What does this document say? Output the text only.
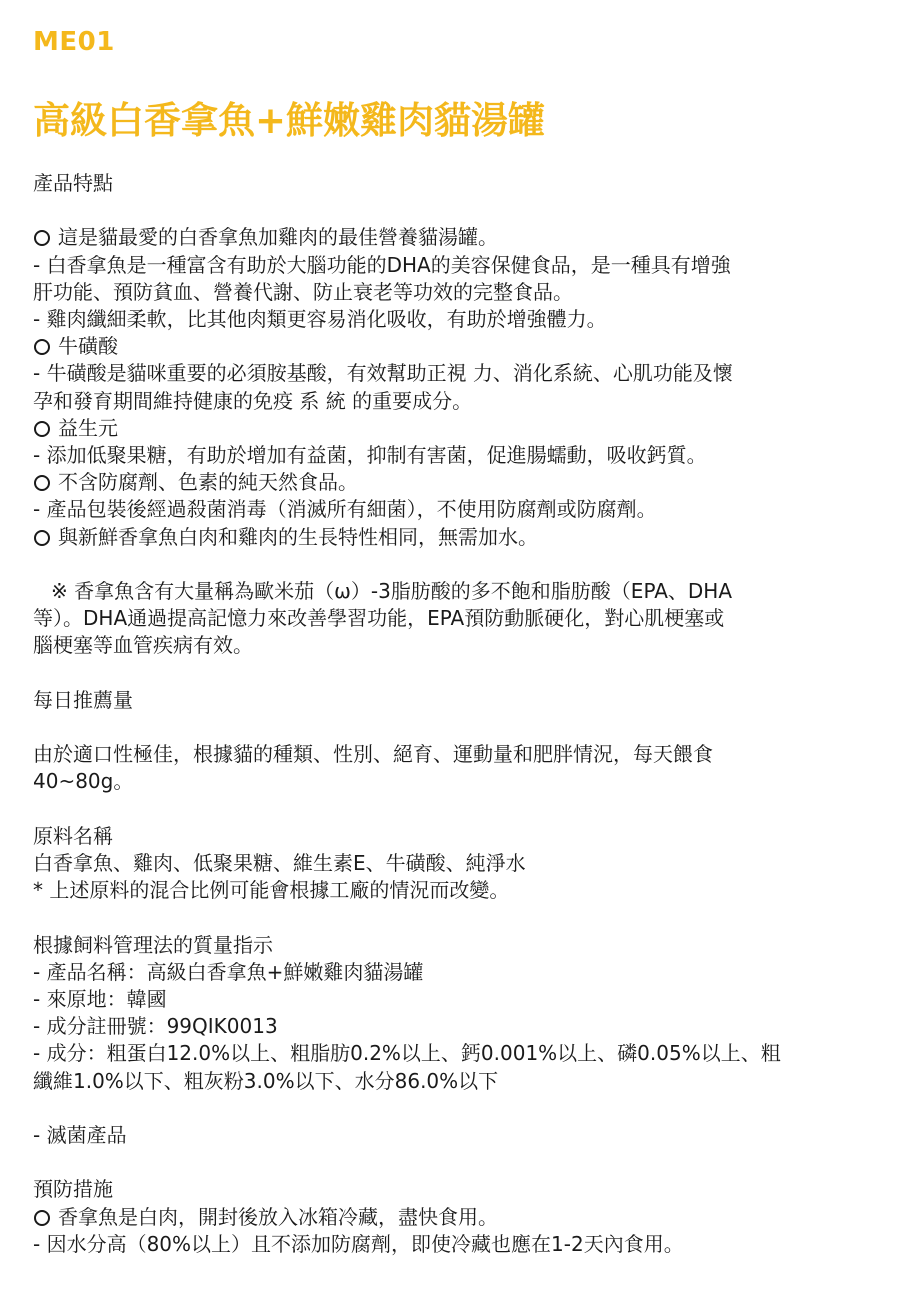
ME01
高級白香拿魚+鮮嫩雞肉貓湯罐
產品特點
這是貓最愛的白香拿魚加雞肉的最佳營養貓湯罐。
- 白香拿魚是一種富含有助於大腦功能的DHA的美容保健食品，是一種具有增強
肝功能、預防貧血、營養代謝、防止衰老等功效的完整食品。
- 雞肉纖細柔軟，比其他肉類更容易消化吸收，有助於增強體力。
牛磺酸
- 牛磺酸是貓咪重要的必須胺基酸，有效幫助正視 力、消化系統、心肌功能及懷
孕和發育期間維持健康的免疫 系 統 的重要成分。
益生元
- 添加低聚果糖，有助於增加有益菌，抑制有害菌，促進腸蠕動，吸收鈣質。
不含防腐劑、色素的純天然食品。
- 產品包裝後經過殺菌消毒（消滅所有細菌），不使用防腐劑或防腐劑。
與新鮮香拿魚白肉和雞肉的生長特性相同，無需加水。
※ 香拿魚含有大量稱為歐米茄（ω）-3脂肪酸的多不飽和脂肪酸（EPA、DHA
等）。DHA通過提高記憶力來改善學習功能，EPA預防動脈硬化，對心肌梗塞或
腦梗塞等血管疾病有效。
每日推薦量
由於適口性極佳，根據貓的種類、性別、絕育、運動量和肥胖情況，每天餵食
40~80g。
原料名稱
白香拿魚、雞肉、低聚果糖、維生素E、牛磺酸、純淨水
* 上述原料的混合比例可能會根據工廠的情況而改變。
根據飼料管理法的質量指示
- 產品名稱：高級白香拿魚+鮮嫩雞肉貓湯罐
- 來原地：韓國
- 成分註冊號：99QIK0013
- 成分：粗蛋白12.0%以上、粗脂肪0.2%以上、鈣0.001%以上、磷0.05%以上、粗
纖維1.0%以下、粗灰粉3.0%以下、水分86.0%以下
- 滅菌產品
預防措施
香拿魚是白肉，開封後放入冰箱冷藏，盡快食用。
- 因水分高（80%以上）且不添加防腐劑，即使冷藏也應在1-2天內食用。
